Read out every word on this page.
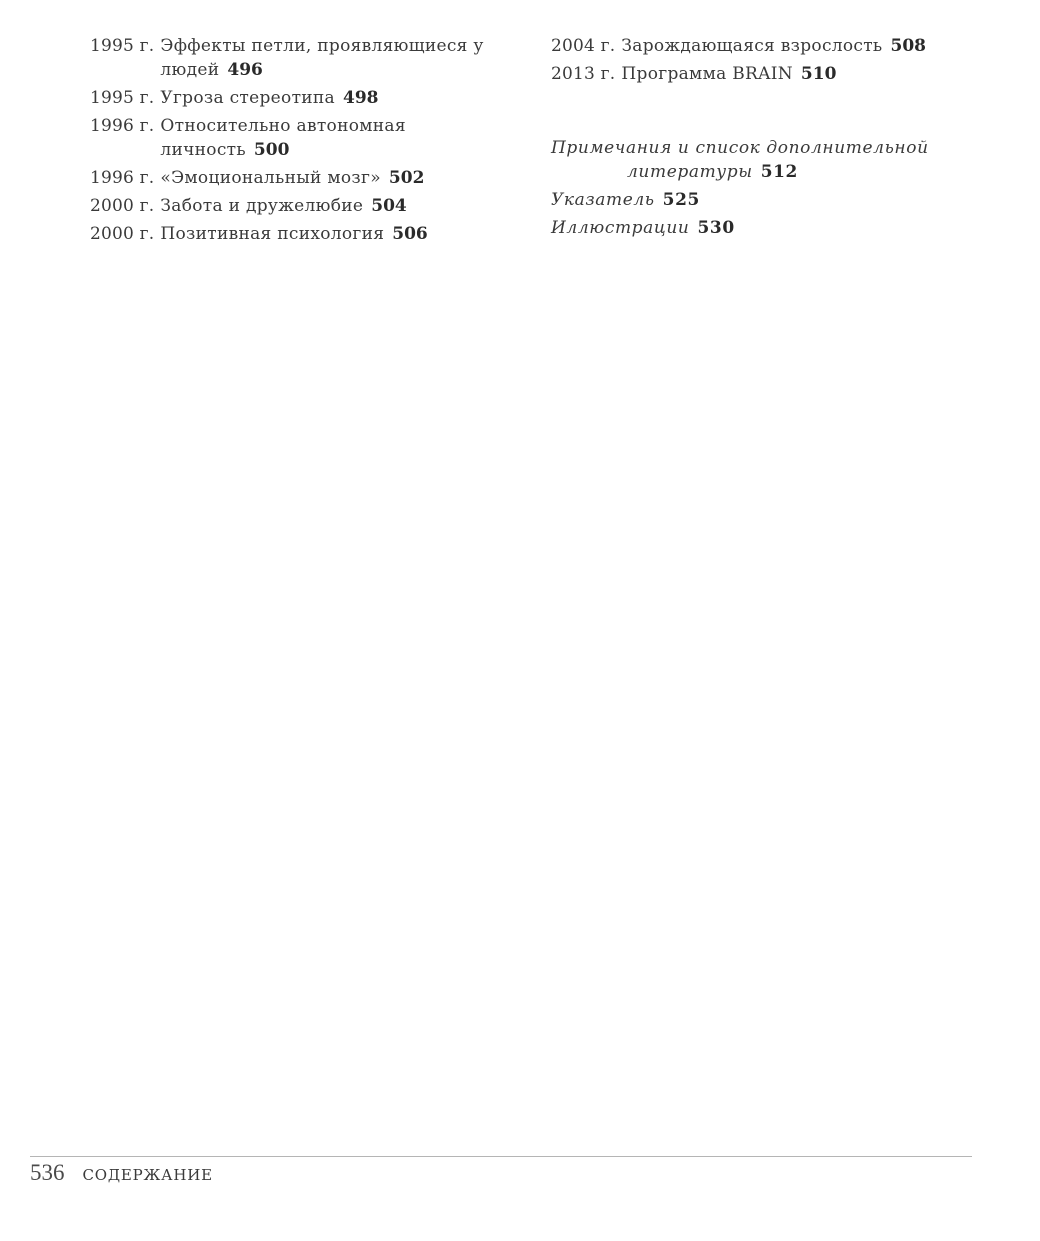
1995 г. Эффекты петли, проявляющиеся у людей 496
1995 г. Угроза стереотипа 498
1996 г. Относительно автономная личность 500
1996 г. «Эмоциональный мозг» 502
2000 г. Забота и дружелюбие 504
2000 г. Позитивная психология 506
2004 г. Зарождающаяся взрослость 508
2013 г. Программа BRAIN 510
Примечания и список дополнительной
литературы 512
Указатель 525
Иллюстрации 530
536 СОДЕРЖАНИЕ
